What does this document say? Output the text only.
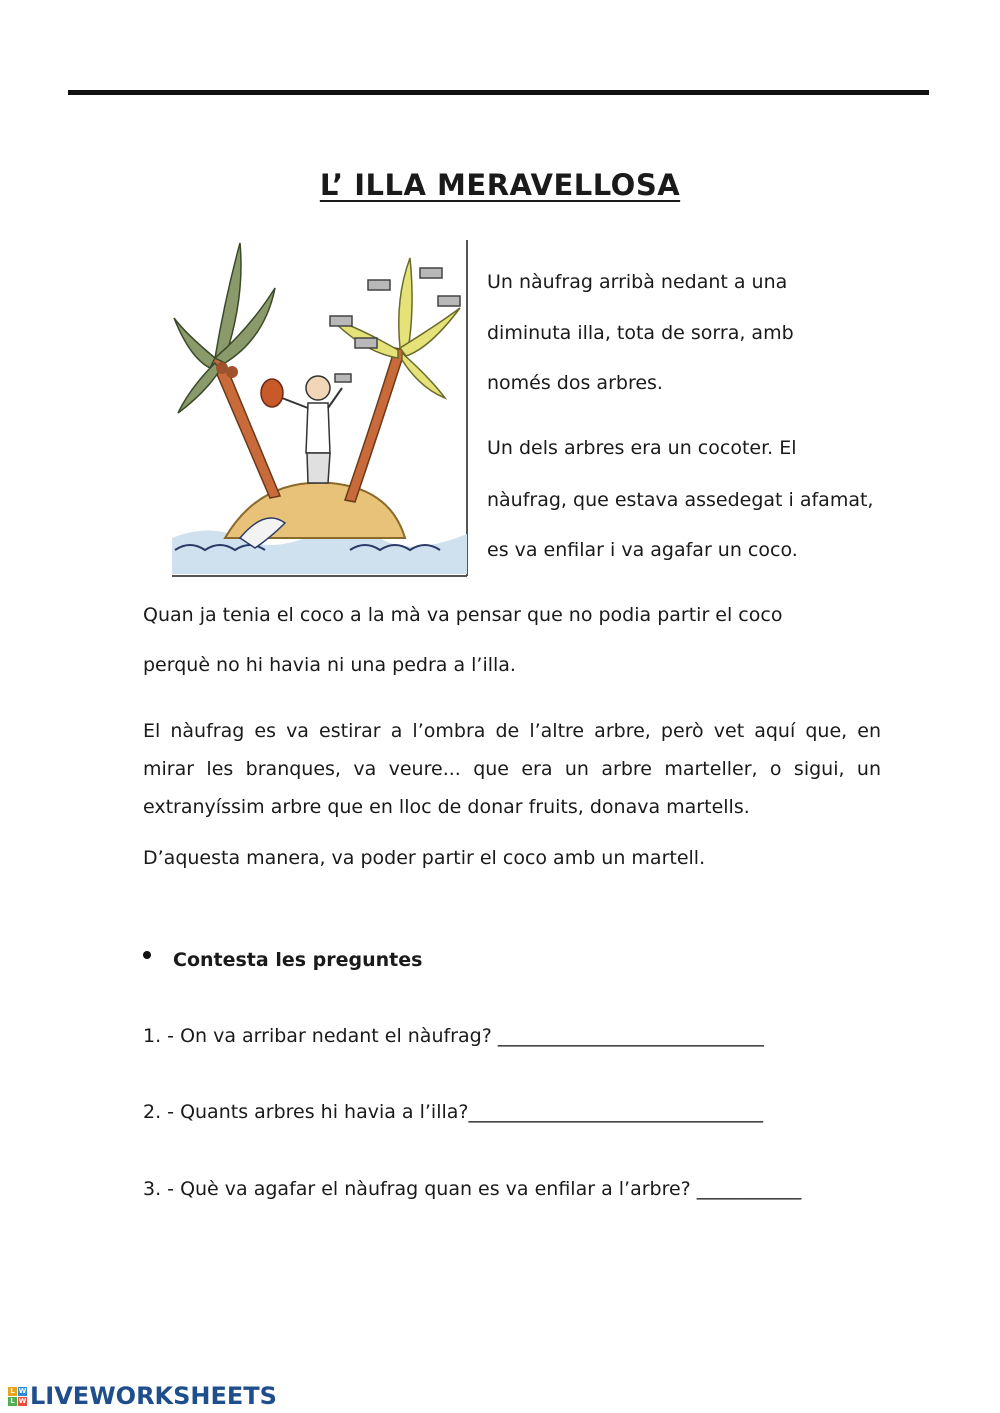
L’ ILLA MERAVELLOSA
Un nàufrag arribà nedant a una
diminuta illa, tota de sorra, amb
només dos arbres.
Un dels arbres era un cocoter. El
nàufrag, que estava assedegat i afamat,
es va enfilar i va agafar un coco.
Quan ja tenia el coco a la mà va pensar que no podia partir el coco
perquè no hi havia ni una pedra a l’illa.
El nàufrag es va estirar a l’ombra de l’altre arbre, però vet aquí que, en mirar les branques, va veure... que era un arbre marteller, o sigui, un extranyíssim arbre que en lloc de donar fruits, donava martells.
D’aquesta manera, va poder partir el coco amb un martell.
Contesta les preguntes
1. - On va arribar nedant el nàufrag? ____________________________
2. - Quants arbres hi havia a l’illa?_______________________________
3. - Què va agafar el nàufrag quan es va enfilar a l’arbre? ___________
L W
L W LIVEWORKSHEETS
